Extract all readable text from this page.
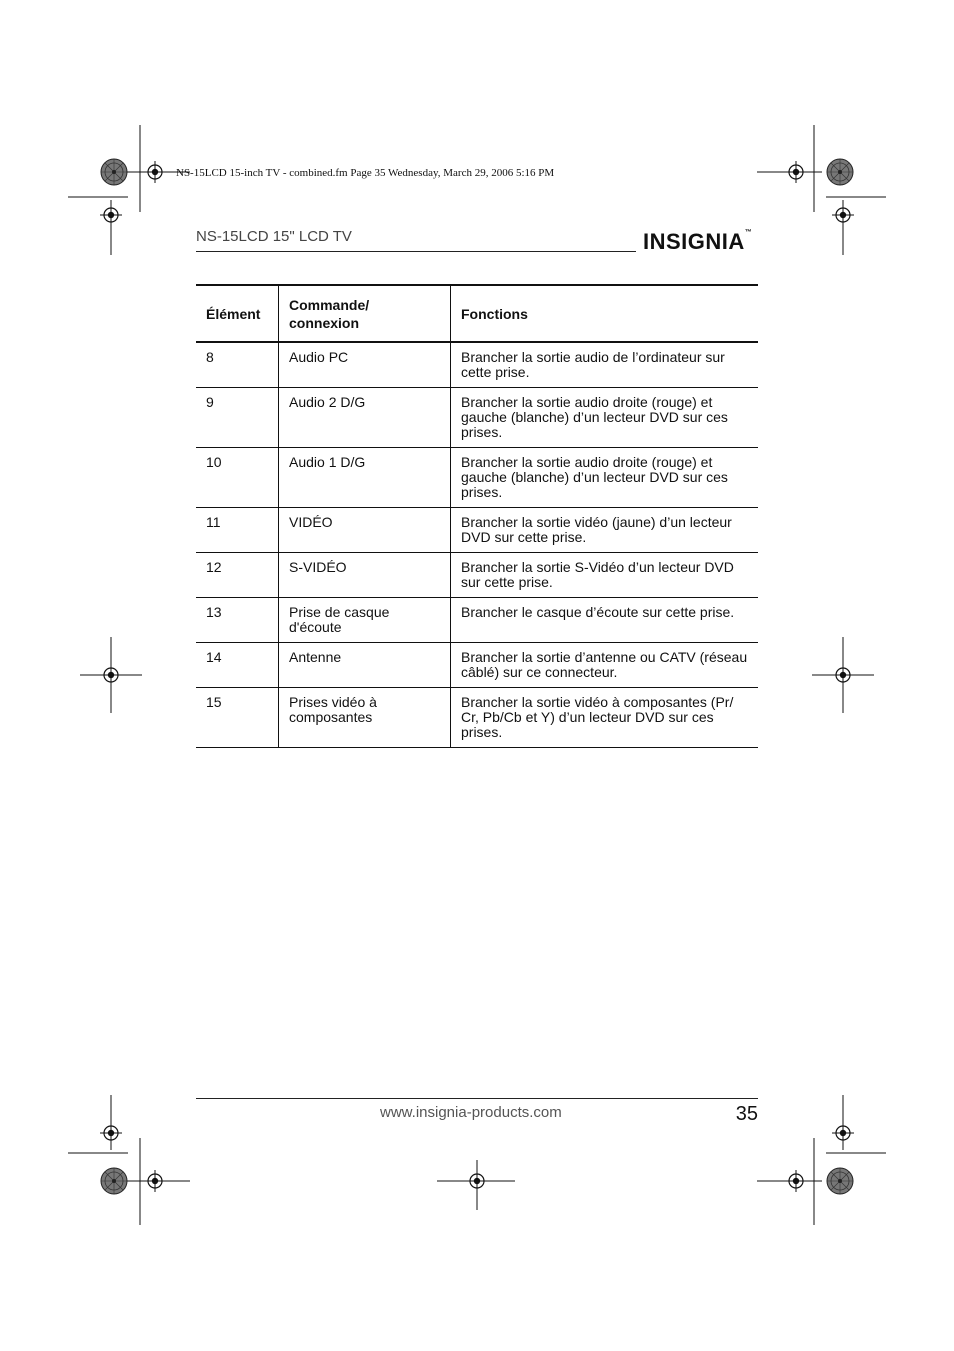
NS-15LCD 15-inch TV - combined.fm Page 35 Wednesday, March 29, 2006 5:16 PM
NS-15LCD 15" LCD TV	INSIGNIA™
Élément	Commande/ connexion	Fonctions
8	Audio PC	Brancher la sortie audio de l’ordinateur sur cette prise.
9	Audio 2 D/G	Brancher la sortie audio droite (rouge) et gauche (blanche) d’un lecteur DVD sur ces prises.
10	Audio 1 D/G	Brancher la sortie audio droite (rouge) et gauche (blanche) d’un lecteur DVD sur ces prises.
11	VIDÉO	Brancher la sortie vidéo (jaune) d’un lecteur DVD sur cette prise.
12	S-VIDÉO	Brancher la sortie S-Vidéo d’un lecteur DVD sur cette prise.
13	Prise de casque d'écoute	Brancher le casque d’écoute sur cette prise.
14	Antenne	Brancher la sortie d’antenne ou CATV (réseau câblé) sur ce connecteur.
15	Prises vidéo à composantes	Brancher la sortie vidéo à composantes (Pr/ Cr, Pb/Cb et Y) d’un lecteur DVD sur ces prises.
www.insignia-products.com	35
